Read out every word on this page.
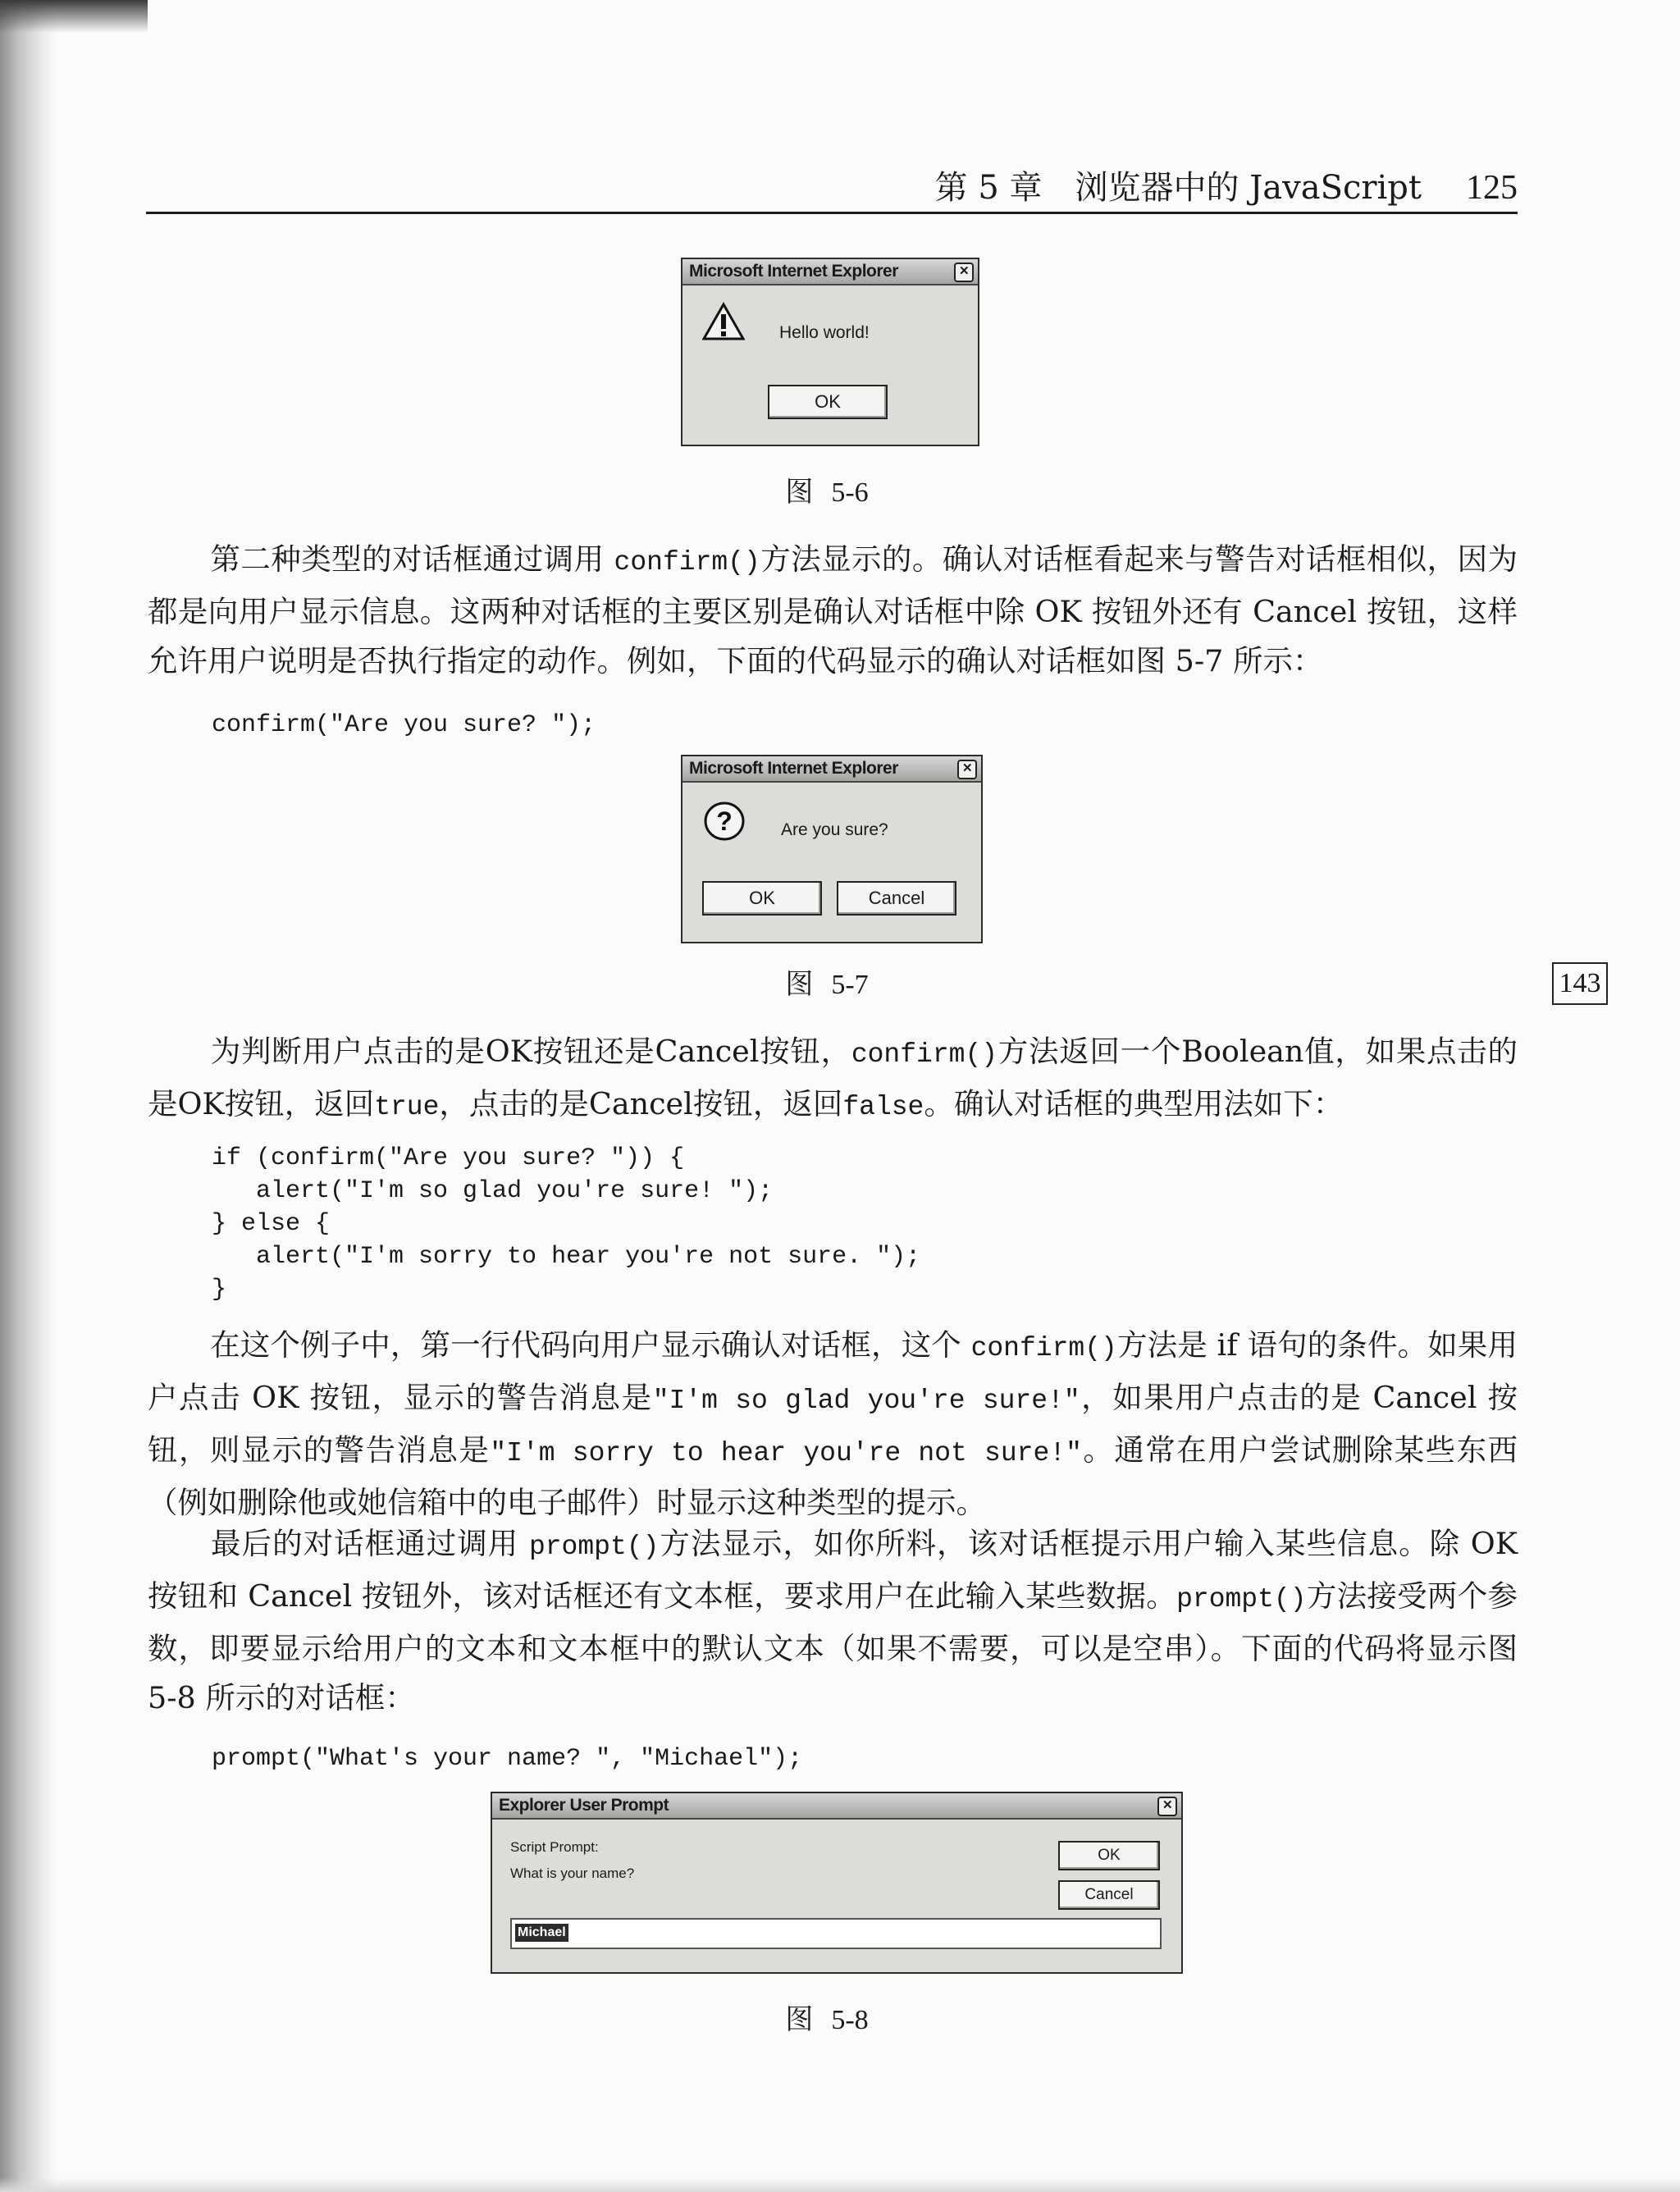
第 5 章　浏览器中的 JavaScript 125
143
Microsoft Internet Explorer	✕
Hello world!
OK
图 5-6

第二种类型的对话框通过调用 confirm()方法显示的。确认对话框看起来与警告对话框相似，因为都是向用户显示信息。这两种对话框的主要区别是确认对话框中除 OK 按钮外还有 Cancel 按钮，这样允许用户说明是否执行指定的动作。例如，下面的代码显示的确认对话框如图 5-7 所示：

confirm("Are you sure? ");
Microsoft Internet Explorer	✕
?	Are you sure?
OK	Cancel
图 5-7

为判断用户点击的是OK按钮还是Cancel按钮，confirm()方法返回一个Boolean值，如果点击的是OK按钮，返回true，点击的是Cancel按钮，返回false。确认对话框的典型用法如下：

if (confirm("Are you sure? ")) {
alert("I'm so glad you're sure! ");
} else {
alert("I'm sorry to hear you're not sure. ");
}

在这个例子中，第一行代码向用户显示确认对话框，这个 confirm()方法是 if 语句的条件。如果用户点击 OK 按钮，显示的警告消息是"I'm so glad you're sure!"，如果用户点击的是 Cancel 按钮，则显示的警告消息是"I'm sorry to hear you're not sure!"。通常在用户尝试删除某些东西（例如删除他或她信箱中的电子邮件）时显示这种类型的提示。

最后的对话框通过调用 prompt()方法显示，如你所料，该对话框提示用户输入某些信息。除 OK 按钮和 Cancel 按钮外，该对话框还有文本框，要求用户在此输入某些数据。prompt()方法接受两个参数，即要显示给用户的文本和文本框中的默认文本（如果不需要，可以是空串）。下面的代码将显示图 5-8 所示的对话框：

prompt("What's your name? ", "Michael");
Explorer User Prompt	✕
Script Prompt:
What is your name?
OK
Cancel
Michael
图 5-8
